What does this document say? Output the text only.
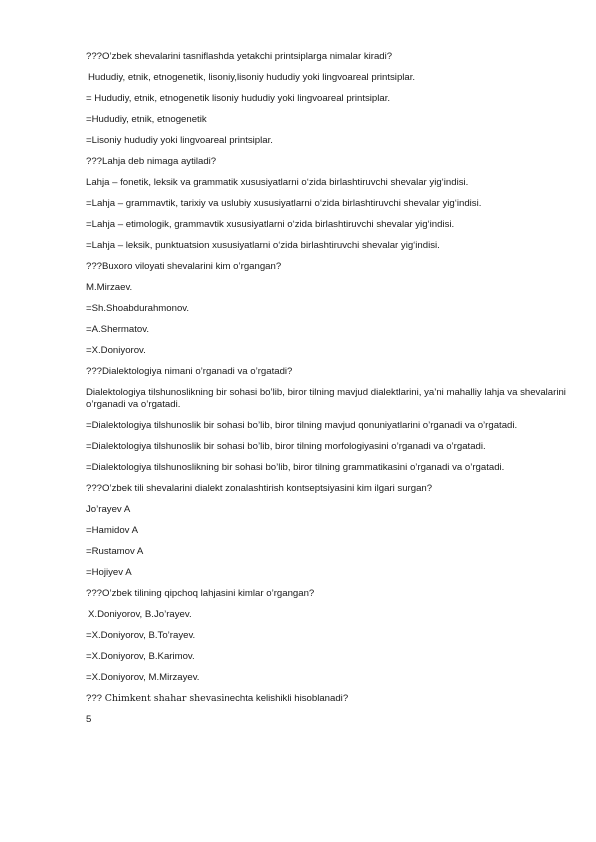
???O’zbek shevalarini tasniflashda yetakchi printsiplarga nimalar kiradi?
Hududiy, etnik, etnogenetik, lisoniy,lisoniy hududiy yoki lingvoareal printsiplar.
= Hududiy, etnik, etnogenetik lisoniy hududiy yoki lingvoareal printsiplar.
=Hududiy, etnik, etnogenetik
=Lisoniy hududiy yoki lingvoareal printsiplar.
???Lahja deb nimaga aytiladi?
Lahja – fonetik, leksik va grammatik xususiyatlarni o‘zida birlashtiruvchi shevalar yig‘indisi.
=Lahja – grammavtik, tarixiy va uslubiy xususiyatlarni o‘zida birlashtiruvchi shevalar yig‘indisi.
=Lahja – etimologik, grammavtik xususiyatlarni o‘zida birlashtiruvchi shevalar yig‘indisi.
=Lahja – leksik, punktuatsion xususiyatlarni o‘zida birlashtiruvchi shevalar yig‘indisi.
???Buxoro viloyati shevalarini kim o’rgangan?
M.Mirzaev.
=Sh.Shoabdurahmonov.
=A.Shermatov.
=X.Doniyorov.
???Dialektologiya nimani o’rganadi va o’rgatadi?
Dialektologiya tilshunoslikning bir sohasi bo’lib, biror tilning mavjud dialektlarini, ya’ni mahalliy lahja va shevalarini o’rganadi va o’rgatadi.
=Dialektologiya tilshunoslik bir sohasi bo’lib, biror tilning mavjud qonuniyatlarini o’rganadi va o’rgatadi.
=Dialektologiya tilshunoslik bir sohasi bo’lib, biror tilning morfologiyasini o’rganadi va o’rgatadi.
=Dialektologiya tilshunoslikning bir sohasi bo’lib, biror tilning grammatikasini o’rganadi va o’rgatadi.
???O’zbek tili shevalarini dialekt zonalashtirish kontseptsiyasini kim ilgari surgan?
Jo’rayev A
=Hamidov A
=Rustamov A
=Hojiyev A
???O’zbek tilining qipchoq lahjasini kimlar o’rgangan?
X.Doniyorov, B.Jo’rayev.
=X.Doniyorov, B.To’rayev.
=X.Doniyorov, B.Karimov.
=X.Doniyorov, M.Mirzayev.
??? Chimkent shahar shevasinechta kelishikli hisoblanadi?
5
